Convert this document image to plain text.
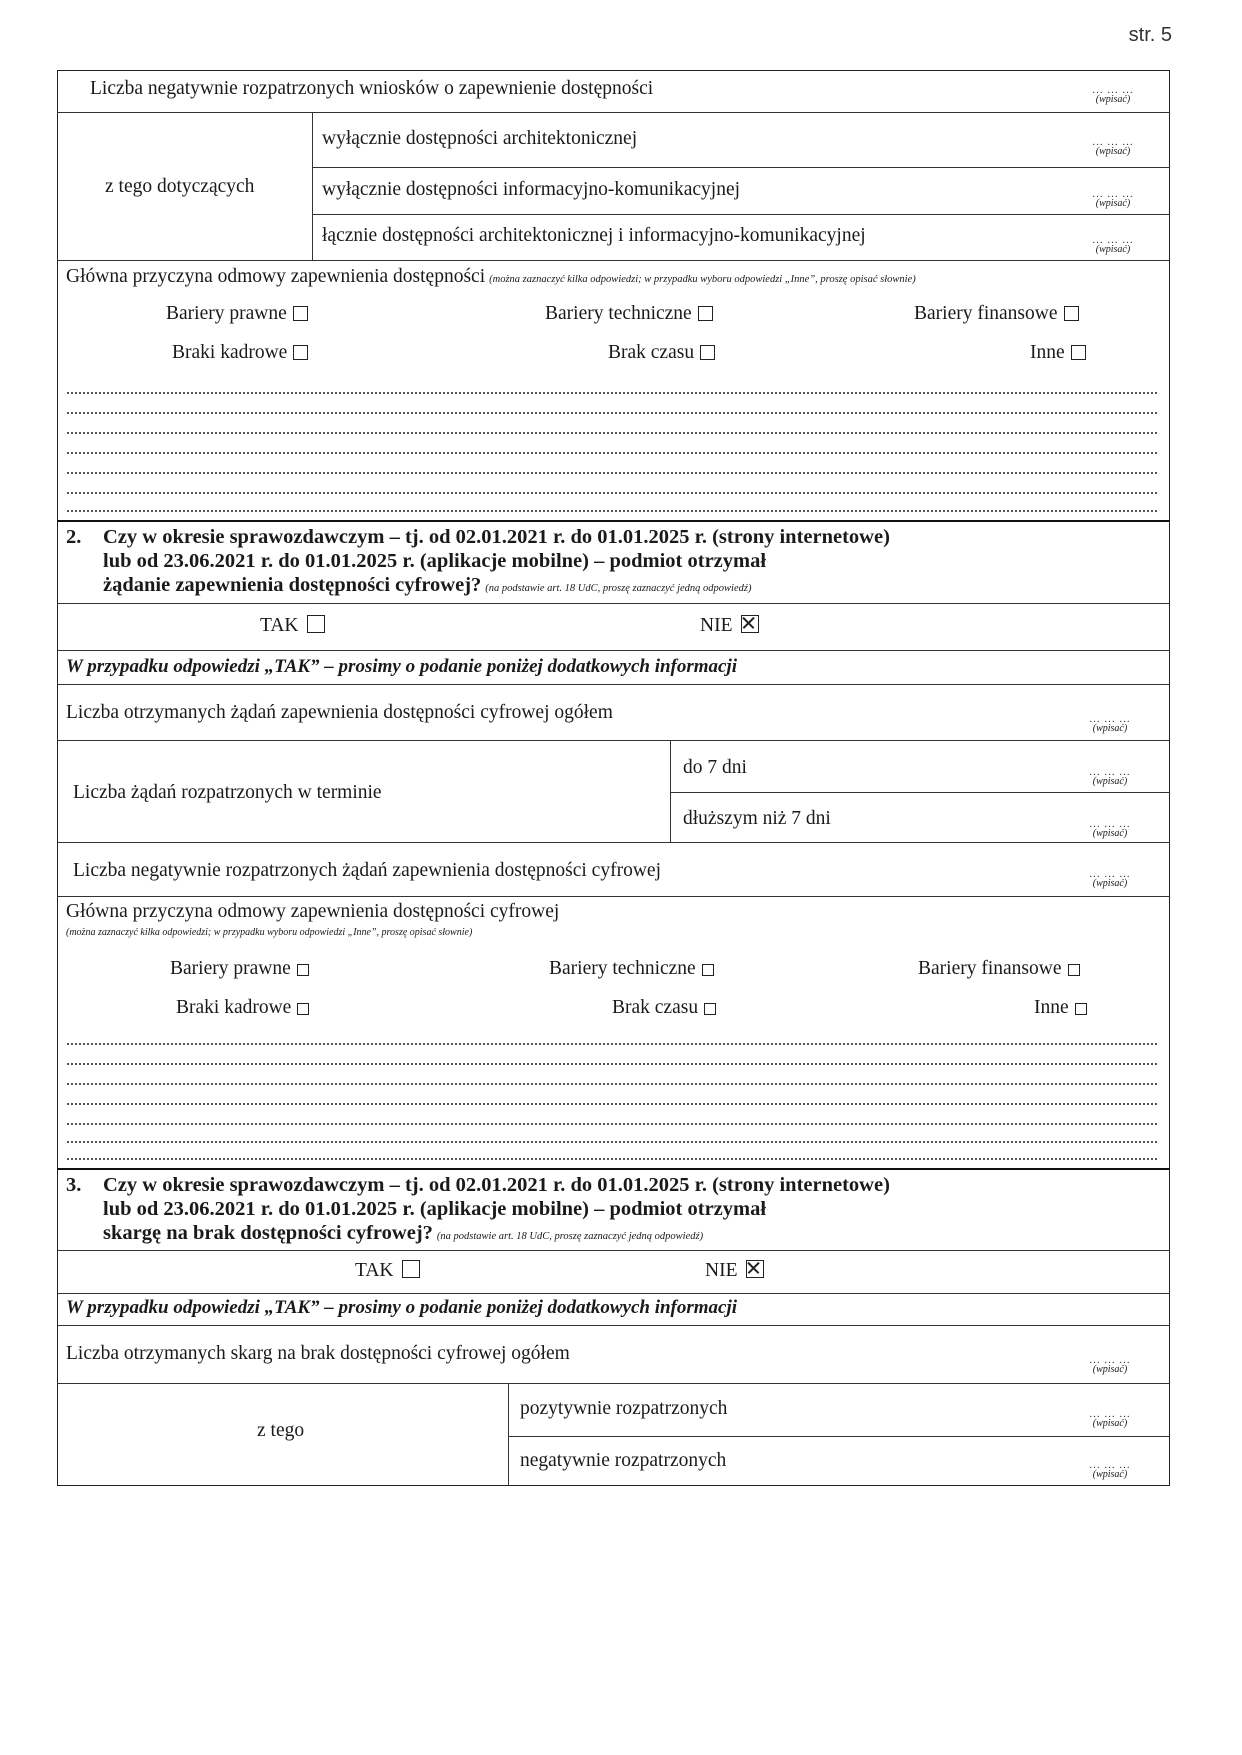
str. 5
Liczba negatywnie rozpatrzonych wniosków o zapewnienie dostępności	... ... ...
(wpisać)
z tego dotyczących
wyłącznie dostępności architektonicznej	... ... ...
(wpisać)
wyłącznie dostępności informacyjno-komunikacyjnej	... ... ...
(wpisać)
łącznie dostępności architektonicznej i informacyjno-komunikacyjnej	... ... ...
(wpisać)
Główna przyczyna odmowy zapewnienia dostępności (można zaznaczyć kilka odpowiedzi; w przypadku wyboru odpowiedzi „Inne”, proszę opisać słownie)
Bariery prawne	Bariery techniczne	Bariery finansowe
Braki kadrowe	Brak czasu	Inne
2. Czy w okresie sprawozdawczym – tj. od 02.01.2021 r. do 01.01.2025 r. (strony internetowe)
lub od 23.06.2021 r. do 01.01.2025 r. (aplikacje mobilne) – podmiot otrzymał
żądanie zapewnienia dostępności cyfrowej? (na podstawie art. 18 UdC, proszę zaznaczyć jedną odpowiedź)
TAK	NIE
W przypadku odpowiedzi „TAK” – prosimy o podanie poniżej dodatkowych informacji
Liczba otrzymanych żądań zapewnienia dostępności cyfrowej ogółem	... ... ...
(wpisać)
Liczba żądań rozpatrzonych w terminie
do 7 dni	... ... ...
(wpisać)
dłuższym niż 7 dni	... ... ...
(wpisać)
Liczba negatywnie rozpatrzonych żądań zapewnienia dostępności cyfrowej	... ... ...
(wpisać)
Główna przyczyna odmowy zapewnienia dostępności cyfrowej
(można zaznaczyć kilka odpowiedzi; w przypadku wyboru odpowiedzi „Inne”, proszę opisać słownie)
Bariery prawne	Bariery techniczne	Bariery finansowe
Braki kadrowe	Brak czasu	Inne
3. Czy w okresie sprawozdawczym – tj. od 02.01.2021 r. do 01.01.2025 r. (strony internetowe)
lub od 23.06.2021 r. do 01.01.2025 r. (aplikacje mobilne) – podmiot otrzymał
skargę na brak dostępności cyfrowej? (na podstawie art. 18 UdC, proszę zaznaczyć jedną odpowiedź)
TAK	NIE
W przypadku odpowiedzi „TAK” – prosimy o podanie poniżej dodatkowych informacji
Liczba otrzymanych skarg na brak dostępności cyfrowej ogółem	... ... ...
(wpisać)
z tego
pozytywnie rozpatrzonych	... ... ...
(wpisać)
negatywnie rozpatrzonych	... ... ...
(wpisać)
